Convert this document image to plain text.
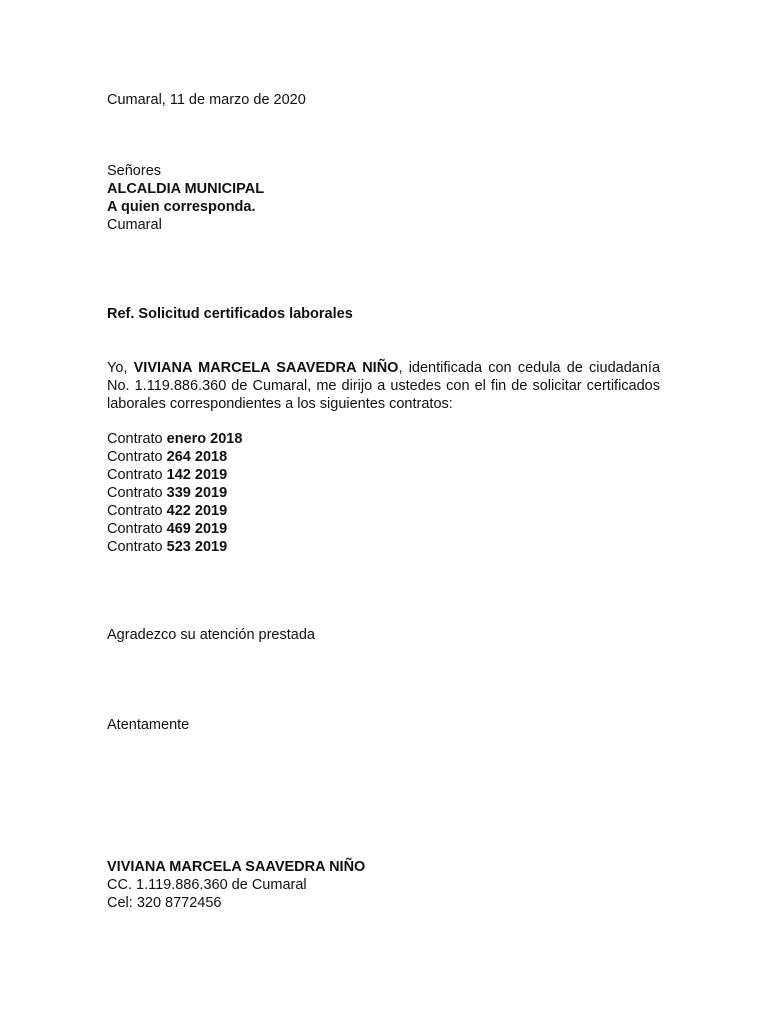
Cumaral, 11 de marzo de 2020
Señores
ALCALDIA MUNICIPAL
A quien corresponda.
Cumaral
Ref. Solicitud certificados laborales
Yo, VIVIANA MARCELA SAAVEDRA NIÑO, identificada con cedula de ciudadanía No. 1.119.886.360 de Cumaral, me dirijo a ustedes con el fin de solicitar certificados laborales correspondientes a los siguientes contratos:
Contrato enero 2018
Contrato 264 2018
Contrato 142 2019
Contrato 339 2019
Contrato 422 2019
Contrato 469 2019
Contrato 523 2019
Agradezco su atención prestada
Atentamente
VIVIANA MARCELA SAAVEDRA NIÑO
CC. 1.119.886.360 de Cumaral
Cel: 320 8772456
